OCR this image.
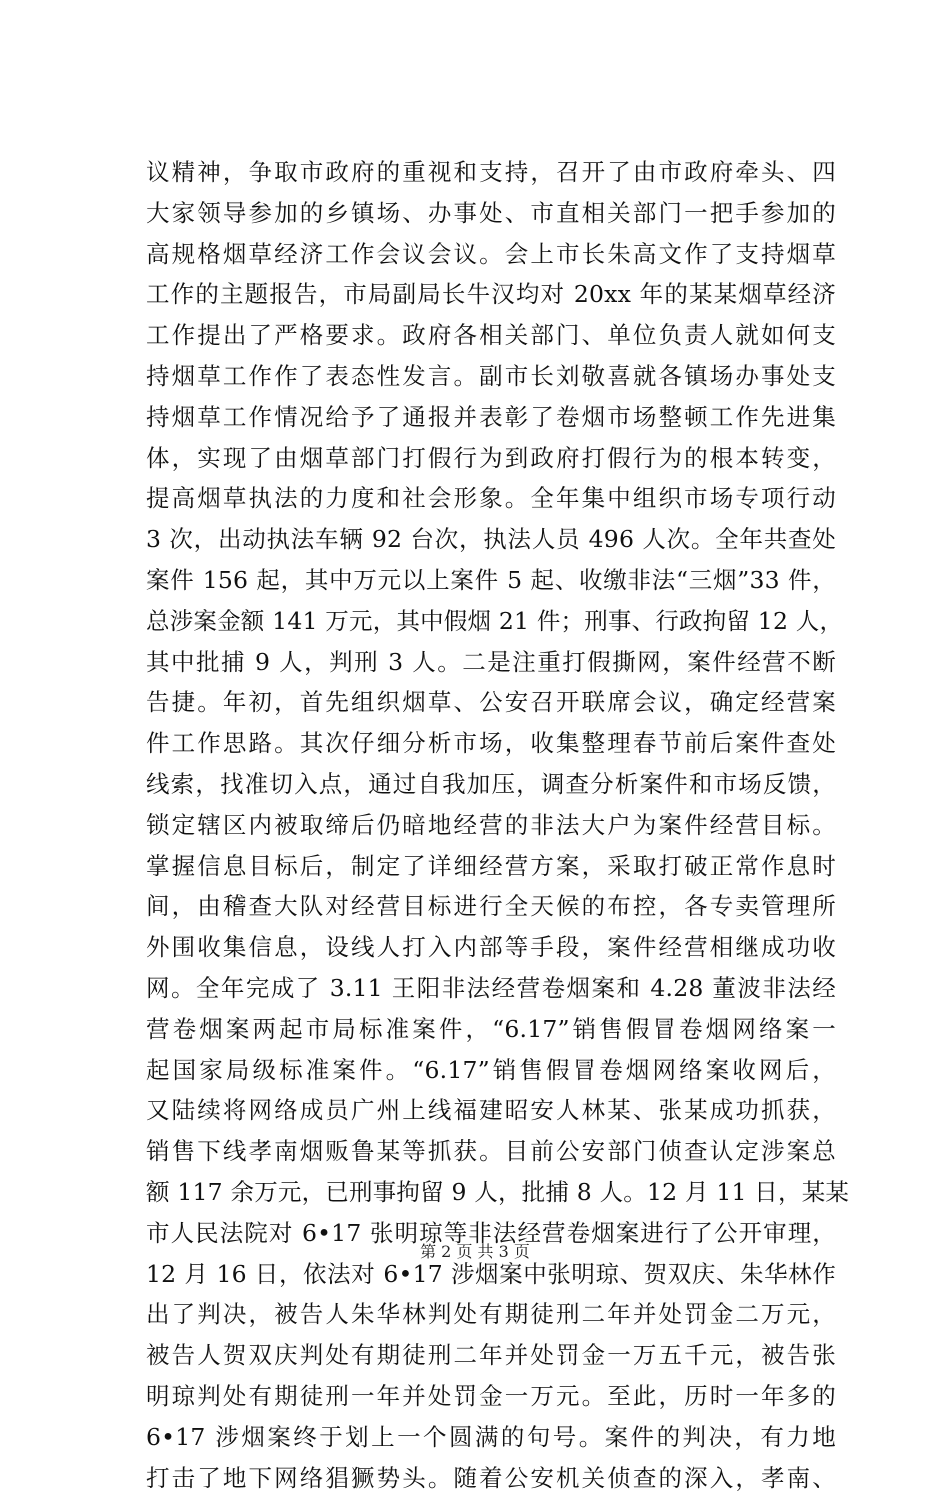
议精神，争取市政府的重视和支持，召开了由市政府牵头、四
大家领导参加的乡镇场、办事处、市直相关部门一把手参加的
高规格烟草经济工作会议会议。会上市长朱高文作了支持烟草
工作的主题报告，市局副局长牛汉均对 20xx 年的某某烟草经济
工作提出了严格要求。政府各相关部门、单位负责人就如何支
持烟草工作作了表态性发言。副市长刘敬喜就各镇场办事处支
持烟草工作情况给予了通报并表彰了卷烟市场整顿工作先进集
体，实现了由烟草部门打假行为到政府打假行为的根本转变，
提高烟草执法的力度和社会形象。全年集中组织市场专项行动
3 次，出动执法车辆 92 台次，执法人员 496 人次。全年共查处
案件 156 起，其中万元以上案件 5 起、收缴非法“三烟”33 件，
总涉案金额 141 万元，其中假烟 21 件；刑事、行政拘留 12 人，
其中批捕 9 人，判刑 3 人。二是注重打假撕网，案件经营不断
告捷。年初，首先组织烟草、公安召开联席会议，确定经营案
件工作思路。其次仔细分析市场，收集整理春节前后案件查处
线索，找准切入点，通过自我加压，调查分析案件和市场反馈，
锁定辖区内被取缔后仍暗地经营的非法大户为案件经营目标。
掌握信息目标后，制定了详细经营方案，采取打破正常作息时
间，由稽查大队对经营目标进行全天候的布控，各专卖管理所
外围收集信息，设线人打入内部等手段，案件经营相继成功收
网。全年完成了 3.11 王阳非法经营卷烟案和 4.28 董波非法经
营卷烟案两起市局标准案件，“6.17”销售假冒卷烟网络案一
起国家局级标准案件。“6.17”销售假冒卷烟网络案收网后，
又陆续将网络成员广州上线福建昭安人林某、张某成功抓获，
销售下线孝南烟贩鲁某等抓获。目前公安部门侦查认定涉案总
额 117 余万元，已刑事拘留 9 人，批捕 8 人。12 月 11 日，某某
市人民法院对 6•17 张明琼等非法经营卷烟案进行了公开审理，
12 月 16 日，依法对 6•17 涉烟案中张明琼、贺双庆、朱华林作
出了判决，被告人朱华林判处有期徒刑二年并处罚金二万元，
被告人贺双庆判处有期徒刑二年并处罚金一万五千元，被告张
明琼判处有期徒刑一年并处罚金一万元。至此，历时一年多的
6•17 涉烟案终于划上一个圆满的句号。案件的判决，有力地
打击了地下网络猖獗势头。随着公安机关侦查的深入，孝南、
第 2 页 共 3 页
